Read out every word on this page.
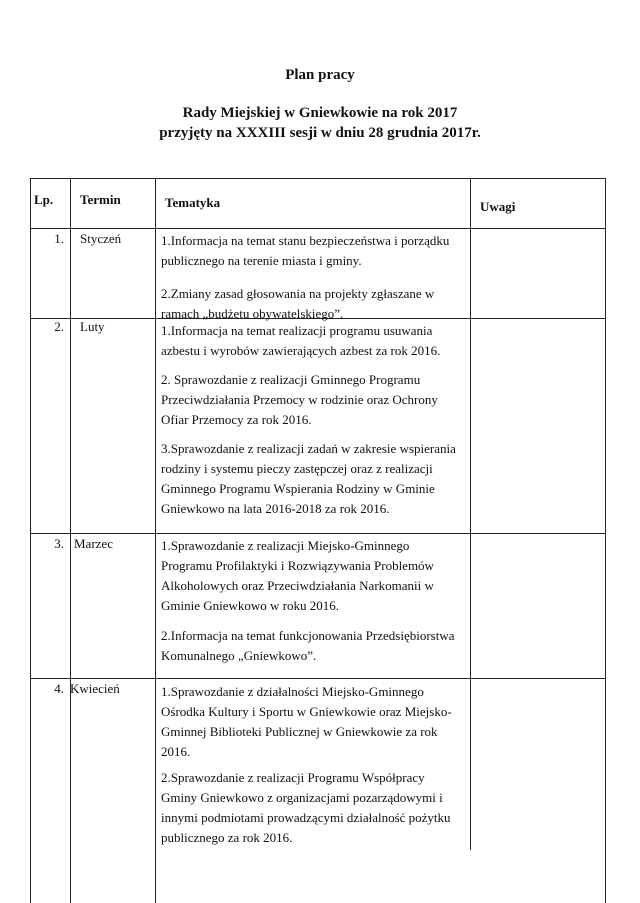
Plan pracy
Rady Miejskiej w Gniewkowie na rok 2017
przyjęty na XXXIII sesji w dniu 28 grudnia 2017r.
Lp. Termin	Tematyka	Uwagi
1. Styczeń	1.Informacja na temat stanu bezpieczeństwa i porządku publicznego na terenie miasta i gminy.
2.Zmiany zasad głosowania na projekty zgłaszane w ramach „budżetu obywatelskiego”.
2. Luty	1.Informacja na temat realizacji programu usuwania azbestu i wyrobów zawierających azbest za rok 2016.
2. Sprawozdanie z realizacji Gminnego Programu Przeciwdziałania Przemocy w rodzinie oraz Ochrony Ofiar Przemocy za rok 2016.
3.Sprawozdanie z realizacji zadań w zakresie wspierania rodziny i systemu pieczy zastępczej oraz z realizacji Gminnego Programu Wspierania Rodziny w Gminie Gniewkowo na lata 2016-2018 za rok 2016.
3. Marzec	1.Sprawozdanie z realizacji Miejsko-Gminnego Programu Profilaktyki i Rozwiązywania Problemów Alkoholowych oraz Przeciwdziałania Narkomanii w Gminie Gniewkowo w roku 2016.
2.Informacja na temat funkcjonowania Przedsiębiorstwa Komunalnego „Gniewkowo”.
4. Kwiecień	1.Sprawozdanie z działalności Miejsko-Gminnego Ośrodka Kultury i Sportu w Gniewkowie oraz Miejsko-Gminnej Biblioteki Publicznej w Gniewkowie za rok 2016.
2.Sprawozdanie z realizacji Programu Współpracy Gminy Gniewkowo z organizacjami pozarządowymi i innymi podmiotami prowadzącymi działalność pożytku publicznego za rok 2016.
